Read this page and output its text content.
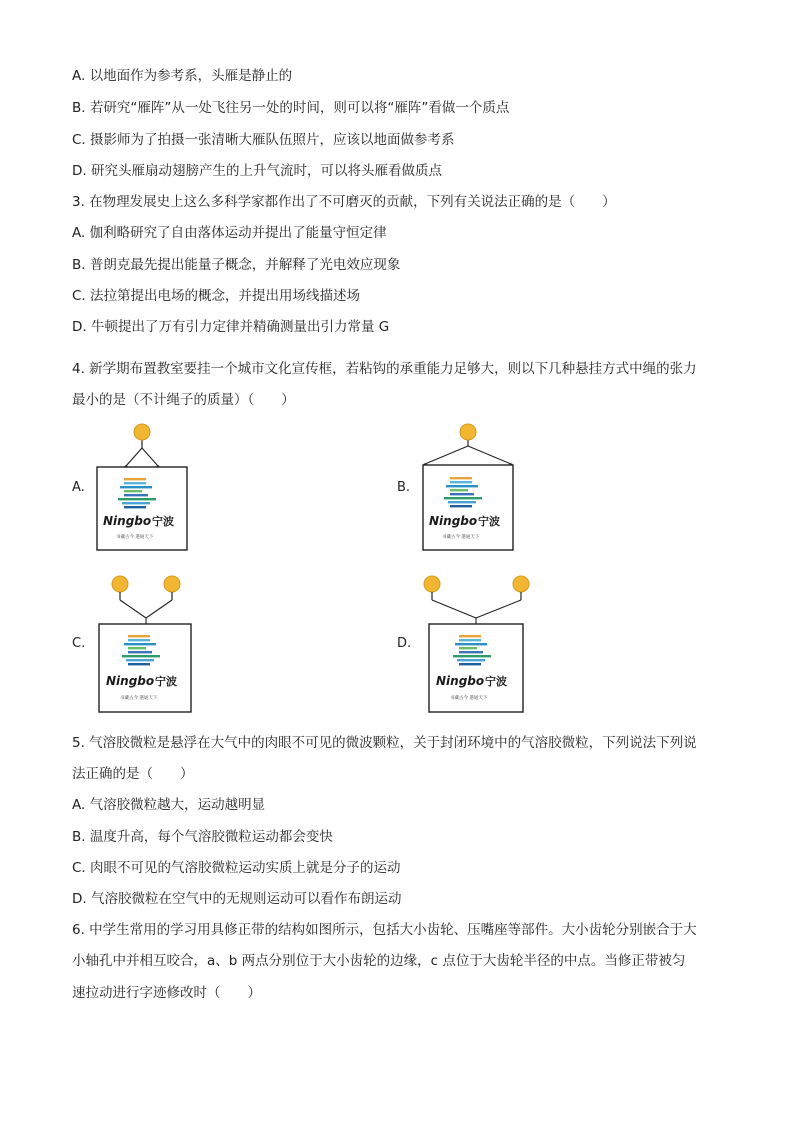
A. 以地面作为参考系，头雁是静止的
B. 若研究“雁阵”从一处飞往另一处的时间，则可以将“雁阵”看做一个质点
C. 摄影师为了拍摄一张清晰大雁队伍照片，应该以地面做参考系
D. 研究头雁扇动翅膀产生的上升气流时，可以将头雁看做质点
3. 在物理发展史上这么多科学家都作出了不可磨灭的贡献，下列有关说法正确的是（　　）
A. 伽利略研究了自由落体运动并提出了能量守恒定律
B. 普朗克最先提出能量子概念，并解释了光电效应现象
C. 法拉第提出电场的概念，并提出用场线描述场
D. 牛顿提出了万有引力定律并精确测量出引力常量 G
4. 新学期布置教室要挂一个城市文化宣传框，若粘钩的承重能力足够大，则以下几种悬挂方式中绳的张力
最小的是（不计绳子的质量）（　　）
A.	B.
C.	D.
Ningbo 宁波
书藏古今 港通天下
Ningbo 宁波
书藏古今 港通天下
Ningbo 宁波
书藏古今 港通天下
Ningbo 宁波
书藏古今 港通天下
5. 气溶胶微粒是悬浮在大气中的肉眼不可见的微波颗粒，关于封闭环境中的气溶胶微粒，下列说法下列说
法正确的是（　　）
A. 气溶胶微粒越大，运动越明显
B. 温度升高，每个气溶胶微粒运动都会变快
C. 肉眼不可见的气溶胶微粒运动实质上就是分子的运动
D. 气溶胶微粒在空气中的无规则运动可以看作布朗运动
6. 中学生常用的学习用具修正带的结构如图所示，包括大小齿轮、压嘴座等部件。大小齿轮分别嵌合于大
小轴孔中并相互咬合，a、b 两点分别位于大小齿轮的边缘，c 点位于大齿轮半径的中点。当修正带被匀
速拉动进行字迹修改时（　　）
